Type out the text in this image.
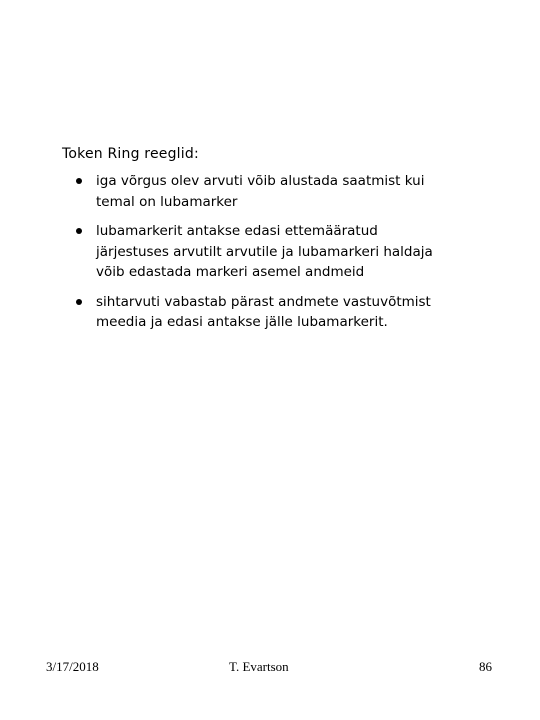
Token Ring reeglid:
iga võrgus olev arvuti võib alustada saatmist kui temal on lubamarker
lubamarkerit antakse edasi ettemääratud järjestuses arvutilt arvutile ja lubamarkeri haldaja võib edastada markeri asemel andmeid
sihtarvuti vabastab pärast andmete vastuvõtmist meedia ja edasi antakse jälle lubamarkerit.
3/17/2018	T. Evartson	86
